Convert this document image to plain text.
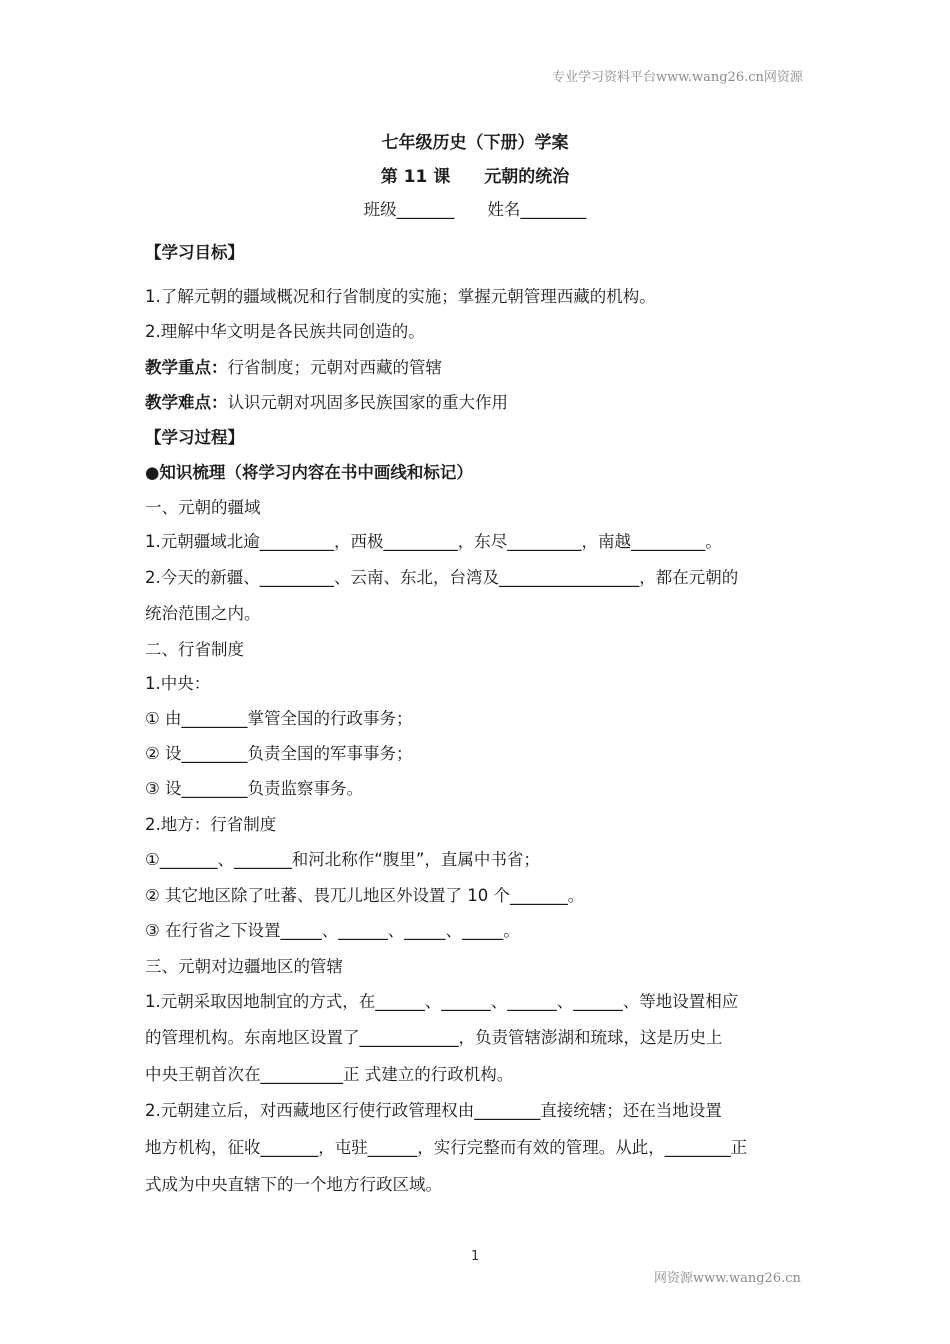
专业学习资料平台www.wang26.cn网资源
七年级历史（下册）学案
第 11 课　　元朝的统治
班级_______　　姓名________
【学习目标】
1.了解元朝的疆域概况和行省制度的实施；掌握元朝管理西藏的机构。
2.理解中华文明是各民族共同创造的。
教学重点：行省制度；元朝对西藏的管辖
教学难点：认识元朝对巩固多民族国家的重大作用
【学习过程】
●知识梳理（将学习内容在书中画线和标记）
一、元朝的疆域
1.元朝疆域北逾_________，西极_________，东尽_________，南越_________。
2.今天的新疆、_________、云南、东北，台湾及_________________，都在元朝的
统治范围之内。
二、行省制度
1.中央：
① 由________掌管全国的行政事务；
② 设________负责全国的军事事务；
③ 设________负责监察事务。
2.地方：行省制度
①_______、_______和河北称作“腹里”，直属中书省；
② 其它地区除了吐蕃、畏兀儿地区外设置了 10 个_______。
③ 在行省之下设置_____、______、_____、_____。
三、元朝对边疆地区的管辖
1.元朝采取因地制宜的方式，在______、______、______、______、等地设置相应
的管理机构。东南地区设置了____________，负责管辖澎湖和琉球，这是历史上
中央王朝首次在__________正 式建立的行政机构。
2.元朝建立后，对西藏地区行使行政管理权由________直接统辖；还在当地设置
地方机构，征收_______，屯驻______，实行完整而有效的管理。从此，________正
式成为中央直辖下的一个地方行政区域。
1
网资源www.wang26.cn
